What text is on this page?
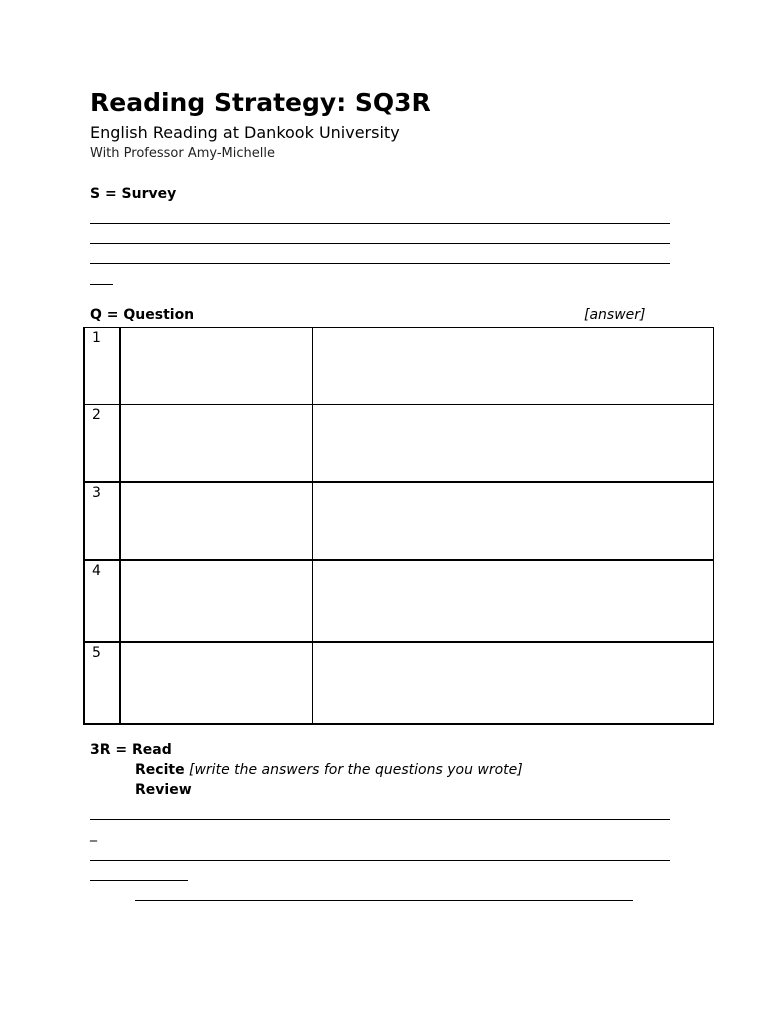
Reading Strategy: SQ3R
English Reading at Dankook University
With Professor Amy-Michelle
S = Survey
Q = Question	[answer]
1		
2		
3		
4		
5		
3R = Read
Recite [write the answers for the questions you wrote]
Review
_
